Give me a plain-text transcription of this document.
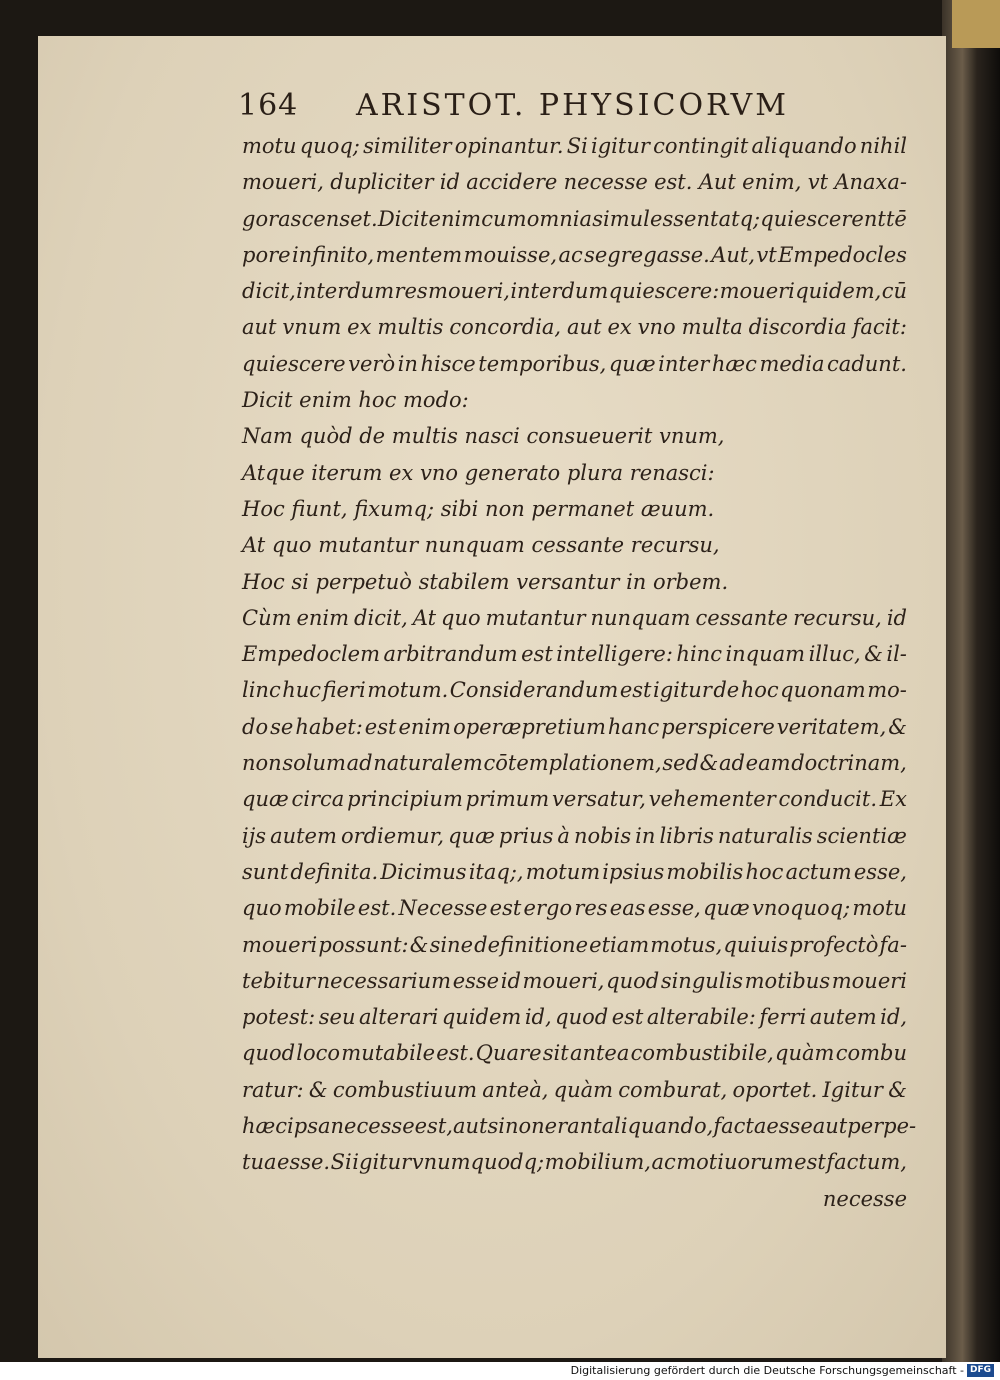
164 ARISTOT. PHYSICORVM
motu quoq; similiter opinantur. Si igitur contingit aliquando nihil
moueri, dupliciter id accidere necesse est. Aut enim, vt Anaxa-
goras censet. Dicit enim cum omnia simul essent atq; quiescerent tē
pore infinito, mentem mouisse, ac segregasse. Aut, vt Empedocles
dicit, interdum res moueri, interdum quiescere: moueri quidem, cū
aut vnum ex multis concordia, aut ex vno multa discordia facit:
quiescere verò in hisce temporibus, quæ inter hæc media cadunt.
Dicit enim hoc modo:
Nam quòd de multis nasci consueuerit vnum,
Atque iterum ex vno generato plura renasci:
Hoc fiunt, fixumq; sibi non permanet æuum.
At quo mutantur nunquam cessante recursu,
Hoc si perpetuò stabilem versantur in orbem.
Cùm enim dicit, At quo mutantur nunquam cessante recursu, id
Empedoclem arbitrandum est intelligere: hinc inquam illuc, & il-
linc huc fieri motum. Considerandum est igitur de hoc quonam mo-
do se habet: est enim operæpretium hanc perspicere veritatem, &
non solum ad naturalem cōtemplationem, sed & ad eam doctrinam,
quæ circa principium primum versatur, vehementer conducit. Ex
ijs autem ordiemur, quæ prius à nobis in libris naturalis scientiæ
sunt definita. Dicimus itaq;, motum ipsius mobilis hoc actum esse,
quo mobile est. Necesse est ergo res eas esse, quæ vnoquoq; motu
moueri possunt: & sine definitione etiam motus, quiuis profectò fa-
tebitur necessarium esse id moueri, quod singulis motibus moueri
potest: seu alterari quidem id, quod est alterabile: ferri autem id,
quod loco mutabile est. Quare sit antea combustibile, quàm combu
ratur: & combustiuum anteà, quàm comburat, oportet. Igitur &
hæc ipsa necesse est, aut si non erant aliquando, facta esse aut perpe-
tua esse. Si igitur vnumquodq; mobilium, ac motiuorum est factum,
necesse
Digitalisierung gefördert durch die Deutsche Forschungsgemeinschaft - DFG
